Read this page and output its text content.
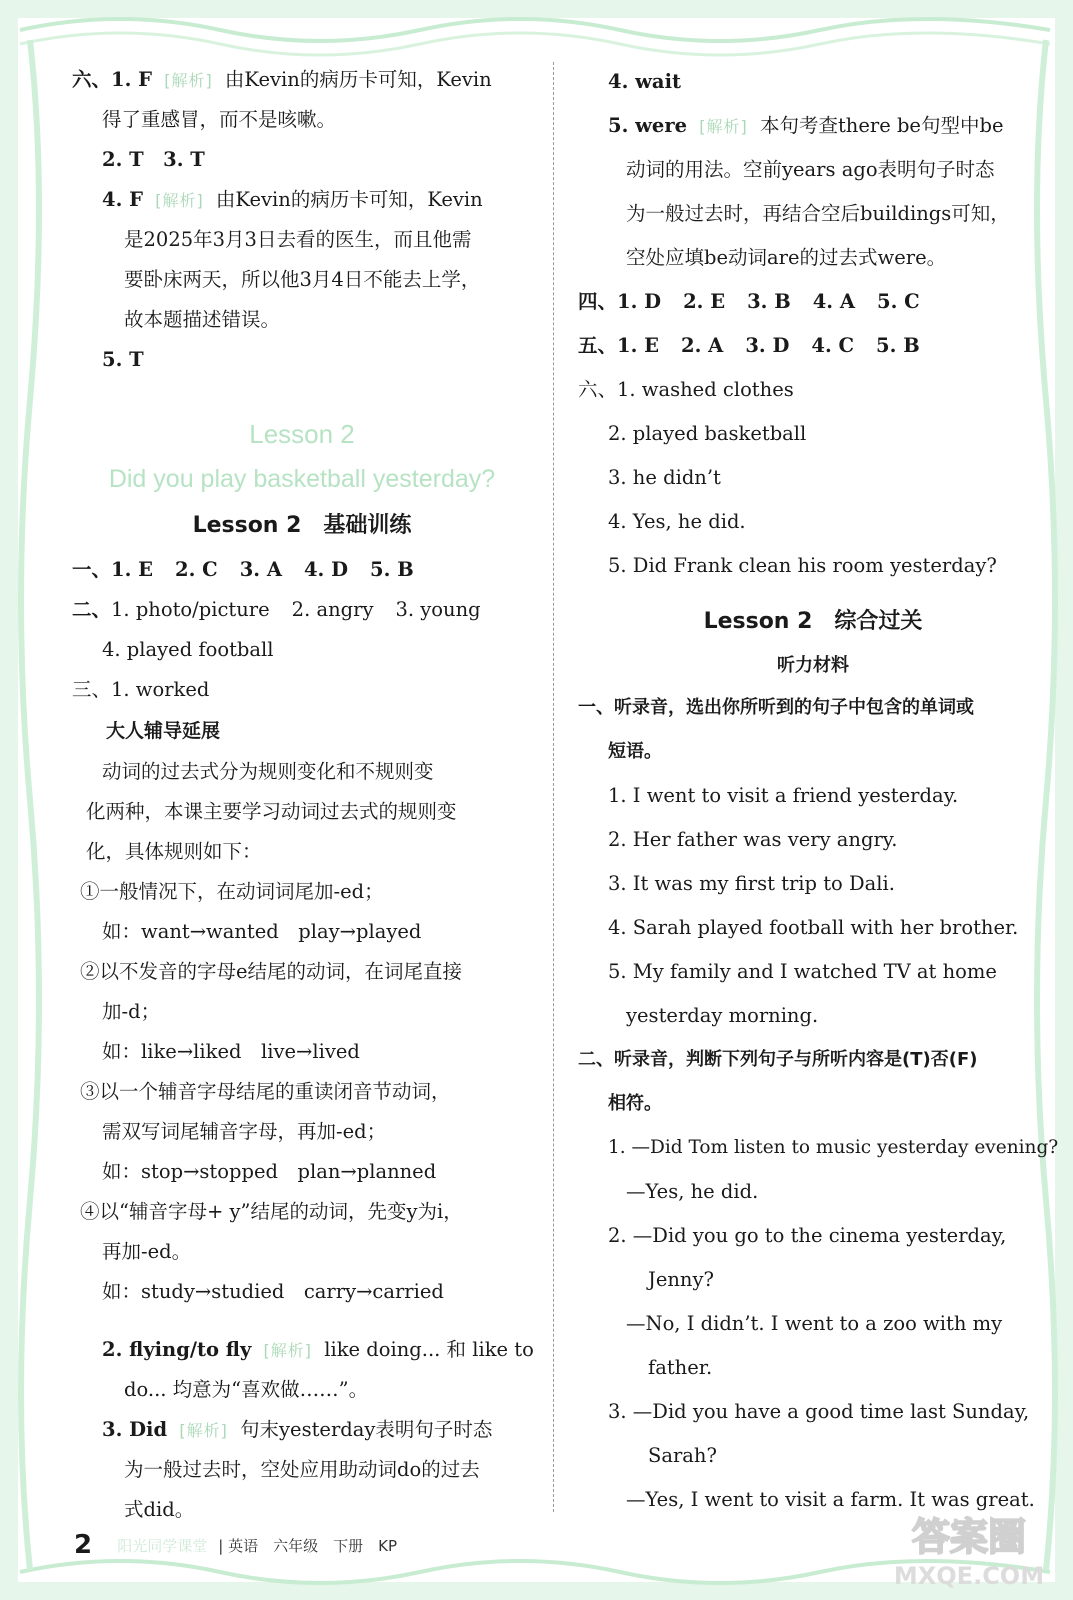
六、1. F [解析] 由Kevin的病历卡可知，Kevin
得了重感冒，而不是咳嗽。
2. T　3. T
4. F [解析] 由Kevin的病历卡可知，Kevin
是2025年3月3日去看的医生，而且他需
要卧床两天，所以他3月4日不能去上学，
故本题描述错误。
5. T
Lesson 2
Did you play basketball yesterday?
Lesson 2　基础训练
一、1. E 2. C 3. A 4. D 5. B
二、1. photo/picture 2. angry 3. young
4. played football
三、1. worked
大人辅导延展
动词的过去式分为规则变化和不规则变
化两种，本课主要学习动词过去式的规则变
化，具体规则如下：
①一般情况下，在动词词尾加-ed；
如：want→wanted　play→played
②以不发音的字母e结尾的动词，在词尾直接
加-d；
如：like→liked　live→lived
③以一个辅音字母结尾的重读闭音节动词，
需双写词尾辅音字母，再加-ed；
如：stop→stopped　plan→planned
④以“辅音字母+ y”结尾的动词，先变y为i，
再加-ed。
如：study→studied　carry→carried
2. flying/to fly [解析] like doing... 和 like to
do... 均意为“喜欢做……”。
3. Did [解析] 句末yesterday表明句子时态
为一般过去时，空处应用助动词do的过去
式did。
4. wait
5. were [解析] 本句考查there be句型中be
动词的用法。空前years ago表明句子时态
为一般过去时，再结合空后buildings可知，
空处应填be动词are的过去式were。
四、1. D 2. E 3. B 4. A 5. C
五、1. E 2. A 3. D 4. C 5. B
六、1. washed clothes
2. played basketball
3. he didn’t
4. Yes, he did.
5. Did Frank clean his room yesterday?
Lesson 2　综合过关
听力材料
一、听录音，选出你所听到的句子中包含的单词或
短语。
1. I went to visit a friend yesterday.
2. Her father was very angry.
3. It was my first trip to Dali.
4. Sarah played football with her brother.
5. My family and I watched TV at home
yesterday morning.
二、听录音，判断下列句子与所听内容是(T)否(F)
相符。
1. —Did Tom listen to music yesterday evening?
—Yes, he did.
2. —Did you go to the cinema yesterday,
Jenny?
—No, I didn’t. I went to a zoo with my
father.
3. —Did you have a good time last Sunday,
Sarah?
—Yes, I went to visit a farm. It was great.
2 阳光同学课堂 | 英语　六年级　下册　KP	答案圈
MXQE.COM
